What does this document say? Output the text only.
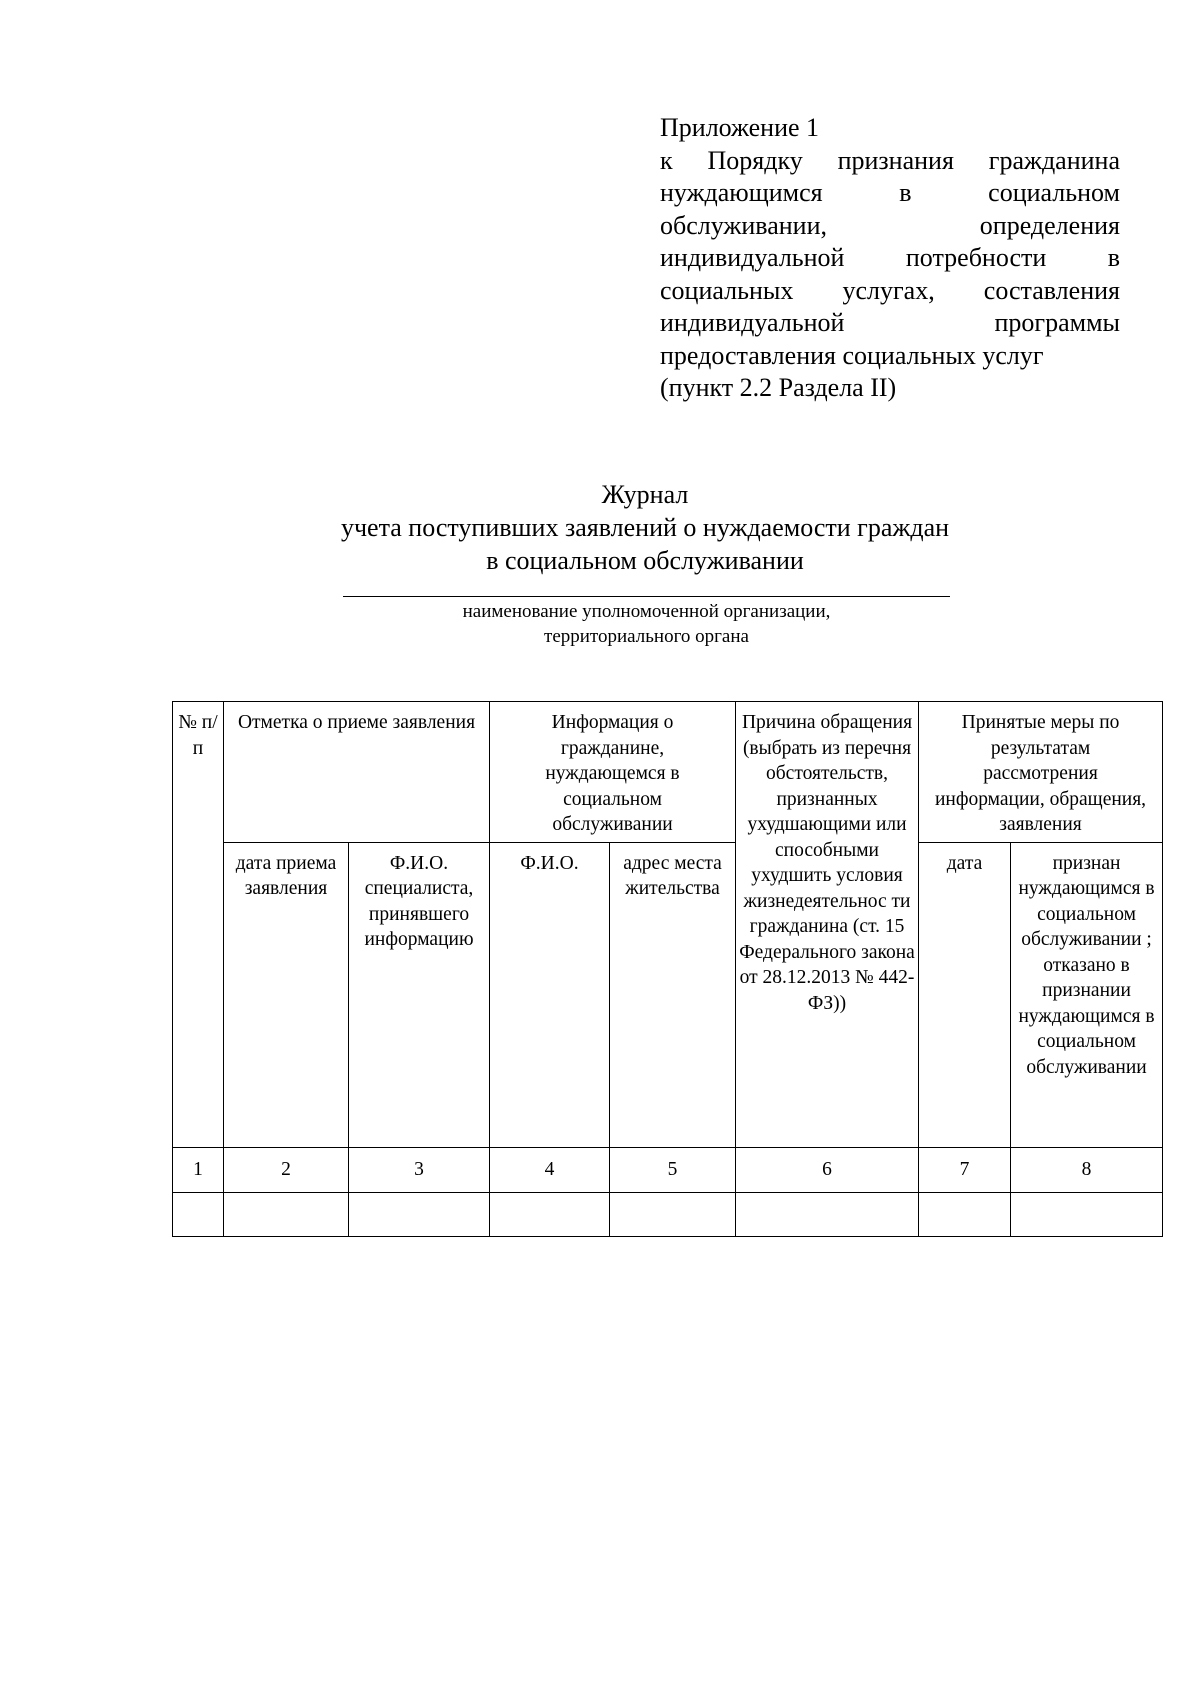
Приложение 1
к Порядку признания гражданина
нуждающимся в социальном
обслуживании, определения
индивидуальной потребности в
социальных услугах, составления
индивидуальной программы
предоставления социальных услуг
(пункт 2.2 Раздела II)
Журнал
учета поступивших заявлений о нуждаемости граждан
в социальном обслуживании
наименование уполномоченной организации,
территориального органа
№ п/п	Отметка о приеме заявления		Информация о гражданине, нуждающемся в социальном обслуживании		Причина обращения (выбрать из перечня обстоятельств, признанных ухудшающими или способными ухудшить условия жизнедеятельнос ти гражданина (ст. 15 Федерального закона от 28.12.2013 № 442-ФЗ))	Принятые меры по результатам рассмотрения информации, обращения, заявления	

	дата приема заявления	Ф.И.О. специалиста, принявшего информацию	Ф.И.О.	адрес места жительства		дата	признан нуждающимся в социальном обслуживании ; отказано в признании нуждающимся в социальном обслуживании

1	2	3	4	5	6	7	8
